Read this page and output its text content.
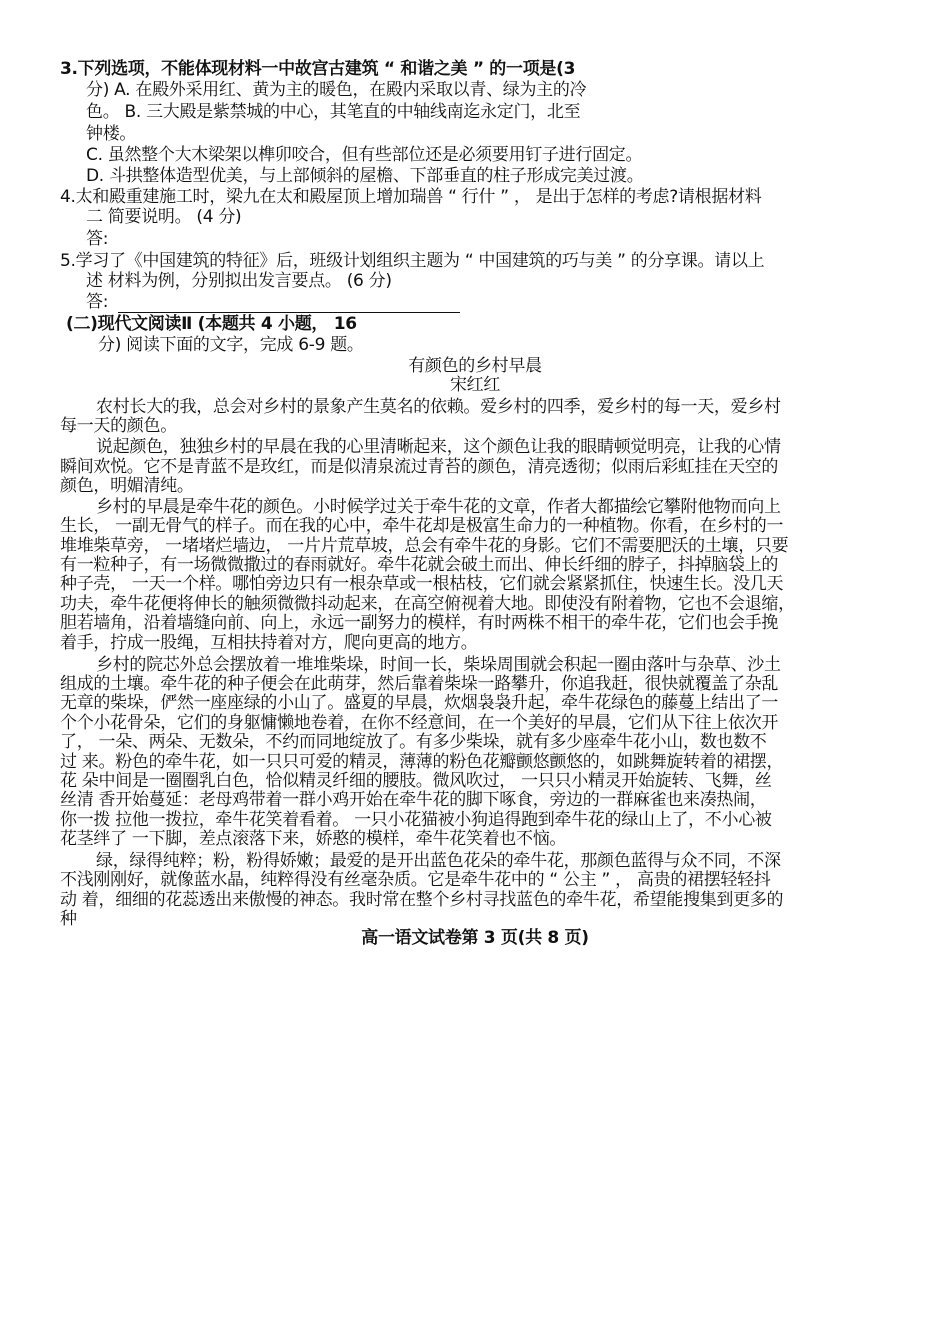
3.下列选项，不能体现材料一中故宫古建筑 “ 和谐之美 ” 的一项是(3
分) A. 在殿外采用红、黄为主的暖色，在殿内采取以青、绿为主的冷
色。 B. 三大殿是紫禁城的中心，其笔直的中轴线南迄永定门，北至
钟楼。
C. 虽然整个大木梁架以榫卯咬合，但有些部位还是必须要用钉子进行固定。
D. 斗拱整体造型优美，与上部倾斜的屋檐、下部垂直的柱子形成完美过渡。
4.太和殿重建施工时，梁九在太和殿屋顶上增加瑞兽 “ 行什 ” ， 是出于怎样的考虑?请根据材料
二 简要说明。 (4 分)
答:
5.学习了《中国建筑的特征》后，班级计划组织主题为 “ 中国建筑的巧与美 ” 的分享课。请以上
述 材料为例，分别拟出发言要点。 (6 分)
答:
(二)现代文阅读Ⅱ (本题共 4 小题， 16
分) 阅读下面的文字，完成 6-9 题。
有颜色的乡村早晨
宋红红
农村长大的我，总会对乡村的景象产生莫名的依赖。爱乡村的四季，爱乡村的每一天，爱乡村
每一天的颜色。
说起颜色，独独乡村的早晨在我的心里清晰起来，这个颜色让我的眼睛顿觉明亮，让我的心情
瞬间欢悦。它不是青蓝不是玫红，而是似清泉流过青苔的颜色，清亮透彻；似雨后彩虹挂在天空的
颜色，明媚清纯。
乡村的早晨是牵牛花的颜色。小时候学过关于牵牛花的文章，作者大都描绘它攀附他物而向上
生长， 一副无骨气的样子。而在我的心中，牵牛花却是极富生命力的一种植物。你看，在乡村的一
堆堆柴草旁， 一堵堵烂墙边， 一片片荒草坡，总会有牵牛花的身影。它们不需要肥沃的土壤，只要
有一粒种子，有一场微微撒过的春雨就好。牵牛花就会破土而出、伸长纤细的脖子，抖掉脑袋上的
种子壳， 一天一个样。哪怕旁边只有一根杂草或一根枯枝，它们就会紧紧抓住，快速生长。没几天
功夫，牵牛花便将伸长的触须微微抖动起来，在高空俯视着大地。即使没有附着物，它也不会退缩，
胆若墙角，沿着墙缝向前、向上，永远一副努力的模样，有时两株不相干的牵牛花，它们也会手挽
着手，拧成一股绳，互相扶持着对方，爬向更高的地方。
乡村的院芯外总会摆放着一堆堆柴垛，时间一长，柴垛周围就会积起一圈由落叶与杂草、沙土
组成的土壤。牵牛花的种子便会在此萌芽，然后靠着柴垛一路攀升，你追我赶，很快就覆盖了杂乱
无章的柴垛，俨然一座座绿的小山了。盛夏的早晨，炊烟袅袅升起，牵牛花绿色的藤蔓上结出了一
个个小花骨朵，它们的身躯慵懒地卷着，在你不经意间，在一个美好的早晨，它们从下往上依次开
了， 一朵、两朵、无数朵，不约而同地绽放了。有多少柴垛，就有多少座牵牛花小山，数也数不
过 来。粉色的牵牛花，如一只只可爱的精灵，薄薄的粉色花瓣颤悠颤悠的，如跳舞旋转着的裙摆，
花 朵中间是一圈圈乳白色，恰似精灵纤细的腰肢。微风吹过， 一只只小精灵开始旋转、飞舞，丝
丝清 香开始蔓延：老母鸡带着一群小鸡开始在牵牛花的脚下啄食，旁边的一群麻雀也来凑热闹，
你一拨 拉他一拨拉，牵牛花笑着看着。 一只小花猫被小狗追得跑到牵牛花的绿山上了，不小心被
花茎绊了 一下脚，差点滚落下来，娇憨的模样，牵牛花笑着也不恼。
绿，绿得纯粹；粉，粉得娇嫩；最爱的是开出蓝色花朵的牵牛花，那颜色蓝得与众不同，不深
不浅刚刚好，就像蓝水晶，纯粹得没有丝毫杂质。它是牵牛花中的 “ 公主 ” ， 高贵的裙摆轻轻抖
动 着，细细的花蕊透出来傲慢的神态。我时常在整个乡村寻找蓝色的牵牛花，希望能搜集到更多的
种
高一语文试卷第 3 页(共 8 页)
